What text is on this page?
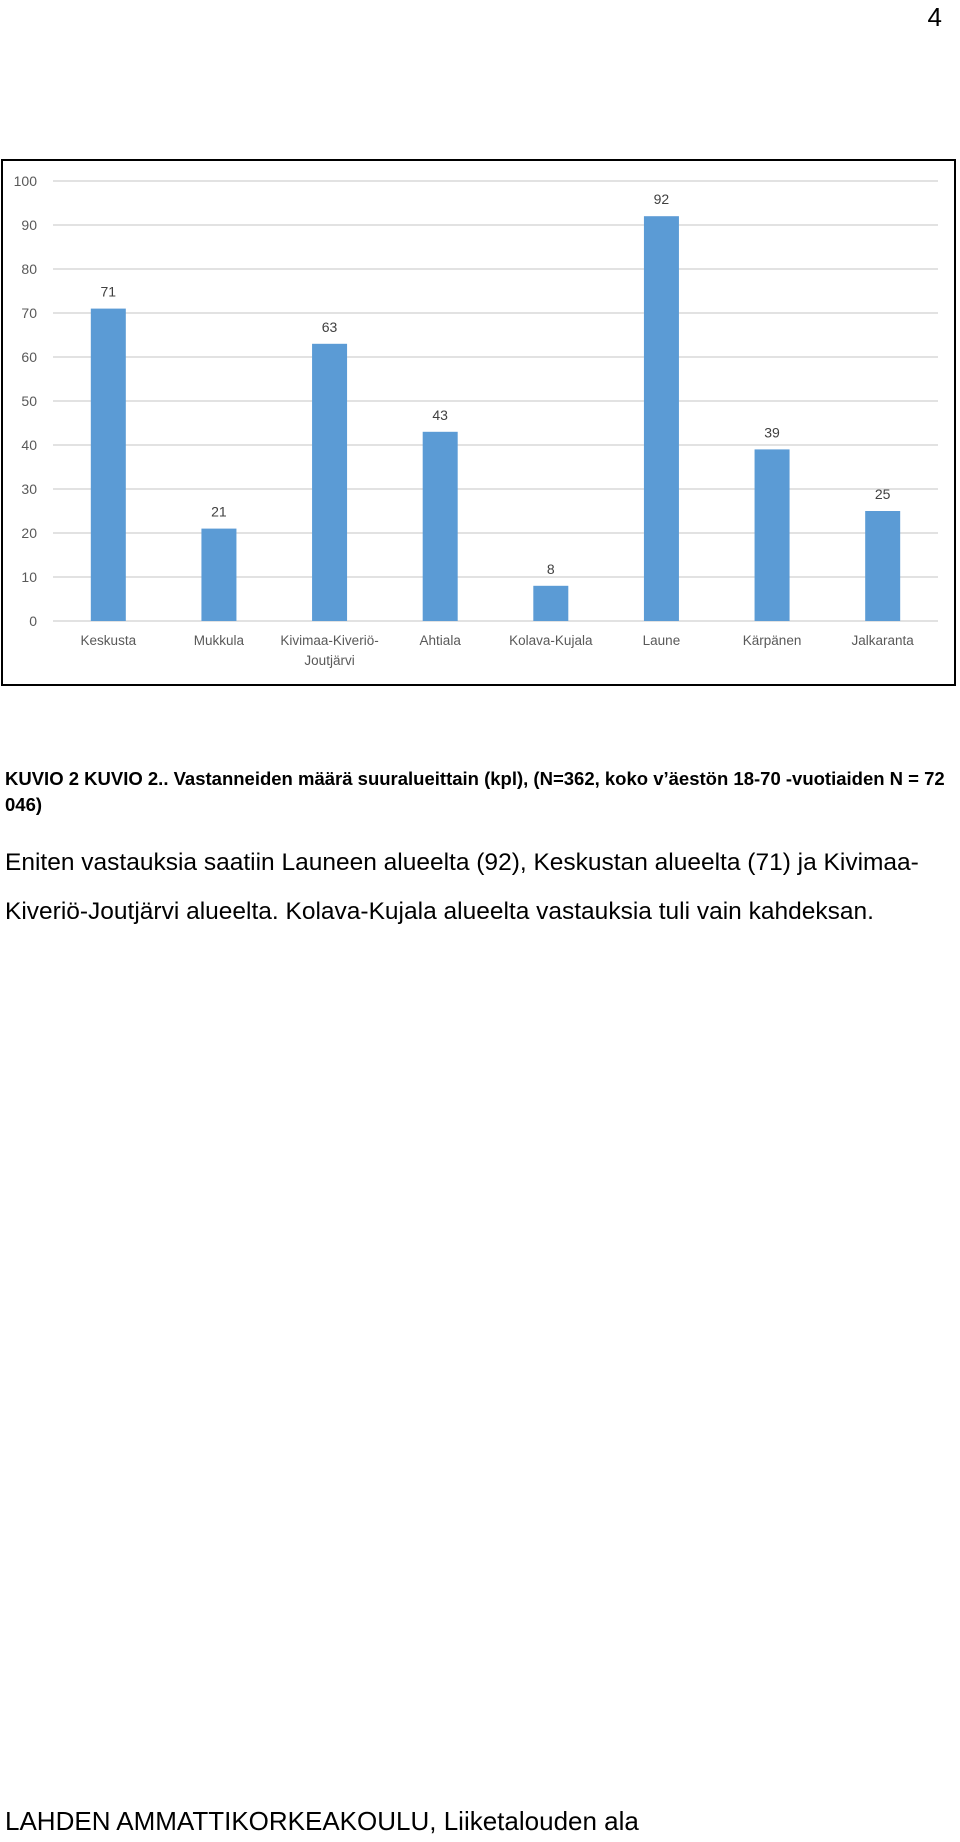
4
0
10
20
30
40
50
60
70
80
90
100
71
Keskusta
21
Mukkula
63
Kivimaa-Kiveriö-
Joutjärvi
43
Ahtiala
8
Kolava-Kujala
92
Laune
39
Kärpänen
25
Jalkaranta
KUVIO 2 KUVIO 2.. Vastanneiden määrä suuralueittain (kpl), (N=362, koko v’äestön 18-70 -vuotiaiden N = 72 046)

Eniten vastauksia saatiin Launeen alueelta (92), Keskustan alueelta (71) ja Kivimaa-Kiveriö-Joutjärvi alueelta. Kolava-Kujala alueelta vastauksia tuli vain kahdeksan.

LAHDEN AMMATTIKORKEAKOULU, Liiketalouden ala
